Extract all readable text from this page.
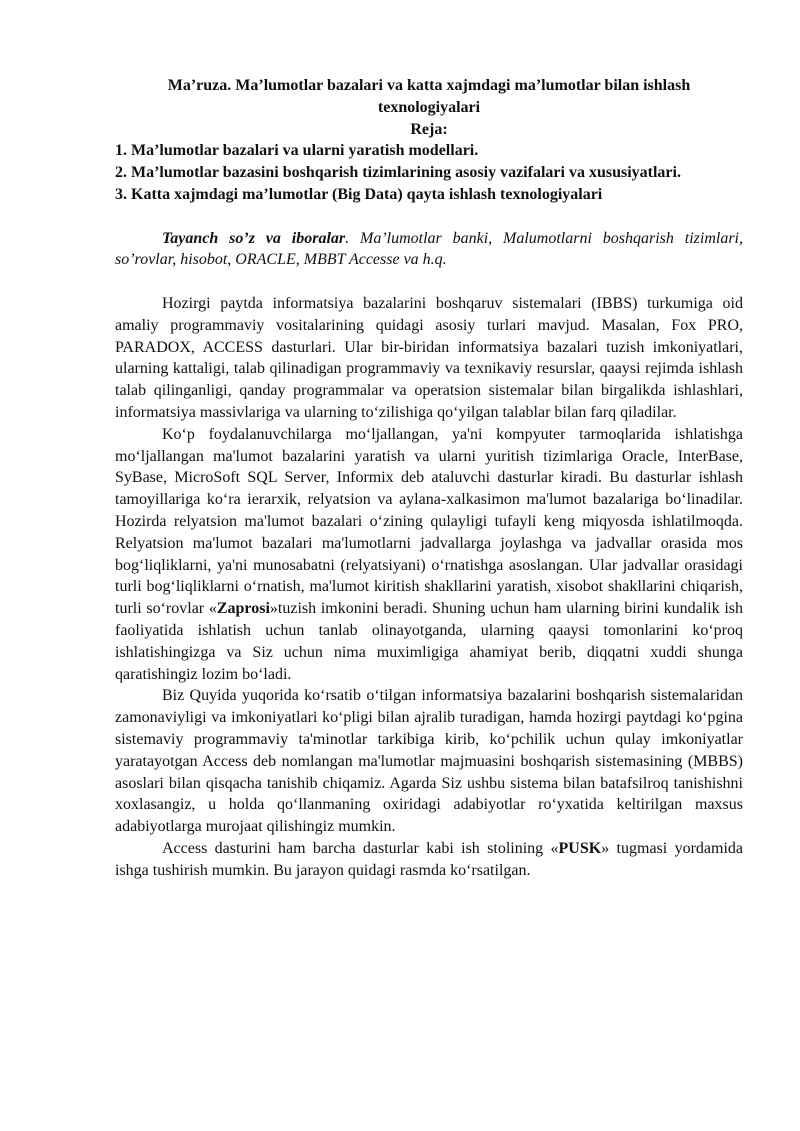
Ma’ruza. Ma’lumotlar bazalari va katta xajmdagi ma’lumotlar bilan ishlash
texnologiyalari

Reja:

1. Ma’lumotlar bazalari va ularni yaratish modellari.

2. Ma’lumotlar bazasini boshqarish tizimlarining asosiy vazifalari va xususiyatlari.

3. Katta xajmdagi ma’lumotlar (Big Data) qayta ishlash texnologiyalari

Tayanch so’z va iboralar. Ma’lumotlar banki, Malumotlarni boshqarish tizimlari, so’rovlar, hisobot, ORACLE, MBBT Accesse va h.q.

Hozirgi paytda informatsiya bazalarini boshqaruv sistemalari (IBBS) turkumiga oid amaliy programmaviy vositalarining quidagi asosiy turlari mavjud. Masalan, Fox PRO, PARADOX, ACCESS dasturlari. Ular bir-biridan informatsiya bazalari tuzish imkoniyatlari, ularning kattaligi, talab qilinadigan programmaviy va texnikaviy resurslar, qaaysi rejimda ishlash talab qilinganligi, qanday programmalar va operatsion sistemalar bilan birgalikda ishlashlari, informatsiya massivlariga va ularning to‘zilishiga qo‘yilgan talablar bilan farq qiladilar.

Ko‘p foydalanuvchilarga mo‘ljallangan, ya'ni kompyuter tarmoqlarida ishlatishga mo‘ljallangan ma'lumot bazalarini yaratish va ularni yuritish tizimlariga Oracle, InterBase, SyBase, MicroSoft SQL Server, Informix deb ataluvchi dasturlar kiradi. Bu dasturlar ishlash tamoyillariga ko‘ra ierarxik, relyatsion va aylana-xalkasimon ma'lumot bazalariga bo‘linadilar. Hozirda relyatsion ma'lumot bazalari o‘zining qulayligi tufayli keng miqyosda ishlatilmoqda. Relyatsion ma'lumot bazalari ma'lumotlarni jadvallarga joylashga va jadvallar orasida mos bog‘liqliklarni, ya'ni munosabatni (relyatsiyani) o‘rnatishga asoslangan. Ular jadvallar orasidagi turli bog‘liqliklarni o‘rnatish, ma'lumot kiritish shakllarini yaratish, xisobot shakllarini chiqarish, turli so‘rovlar «Zaprosi»tuzish imkonini beradi. Shuning uchun ham ularning birini kundalik ish faoliyatida ishlatish uchun tanlab olinayotganda, ularning qaaysi tomonlarini ko‘proq ishlatishingizga va Siz uchun nima muximligiga ahamiyat berib, diqqatni xuddi shunga qaratishingiz lozim bo‘ladi.

Biz Quyida yuqorida ko‘rsatib o‘tilgan informatsiya bazalarini boshqarish sistemalaridan zamonaviyligi va imkoniyatlari ko‘pligi bilan ajralib turadigan, hamda hozirgi paytdagi ko‘pgina sistemaviy programmaviy ta'minotlar tarkibiga kirib, ko‘pchilik uchun qulay imkoniyatlar yaratayotgan Access deb nomlangan ma'lumotlar majmuasini boshqarish sistemasining (MBBS) asoslari bilan qisqacha tanishib chiqamiz. Agarda Siz ushbu sistema bilan batafsilroq tanishishni xoxlasangiz, u holda qo‘llanmaning oxiridagi adabiyotlar ro‘yxatida keltirilgan maxsus adabiyotlarga murojaat qilishingiz mumkin.

Access dasturini ham barcha dasturlar kabi ish stolining «PUSK» tugmasi yordamida ishga tushirish mumkin. Bu jarayon quidagi rasmda ko‘rsatilgan.
